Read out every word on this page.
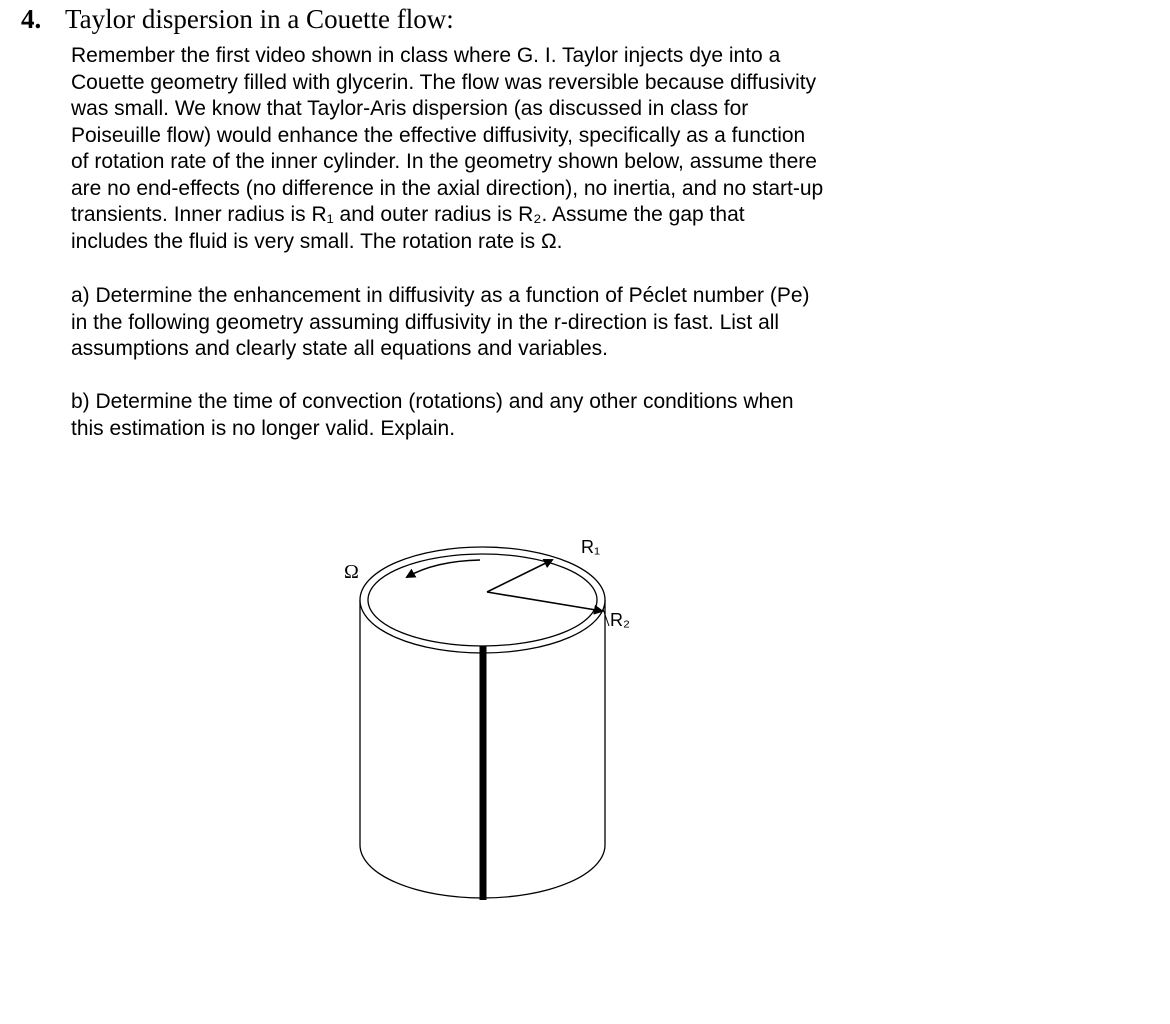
4. Taylor dispersion in a Couette flow:
Remember the first video shown in class where G. I. Taylor injects dye into a
Couette geometry filled with glycerin. The flow was reversible because diffusivity
was small. We know that Taylor-Aris dispersion (as discussed in class for
Poiseuille flow) would enhance the effective diffusivity, specifically as a function
of rotation rate of the inner cylinder. In the geometry shown below, assume there
are no end-effects (no difference in the axial direction), no inertia, and no start-up
transients. Inner radius is R₁ and outer radius is R₂. Assume the gap that
includes the fluid is very small. The rotation rate is Ω.
a) Determine the enhancement in diffusivity as a function of Péclet number (Pe)
in the following geometry assuming diffusivity in the r-direction is fast. List all
assumptions and clearly state all equations and variables.
b) Determine the time of convection (rotations) and any other conditions when
this estimation is no longer valid. Explain.
R₁
R₂
Ω
